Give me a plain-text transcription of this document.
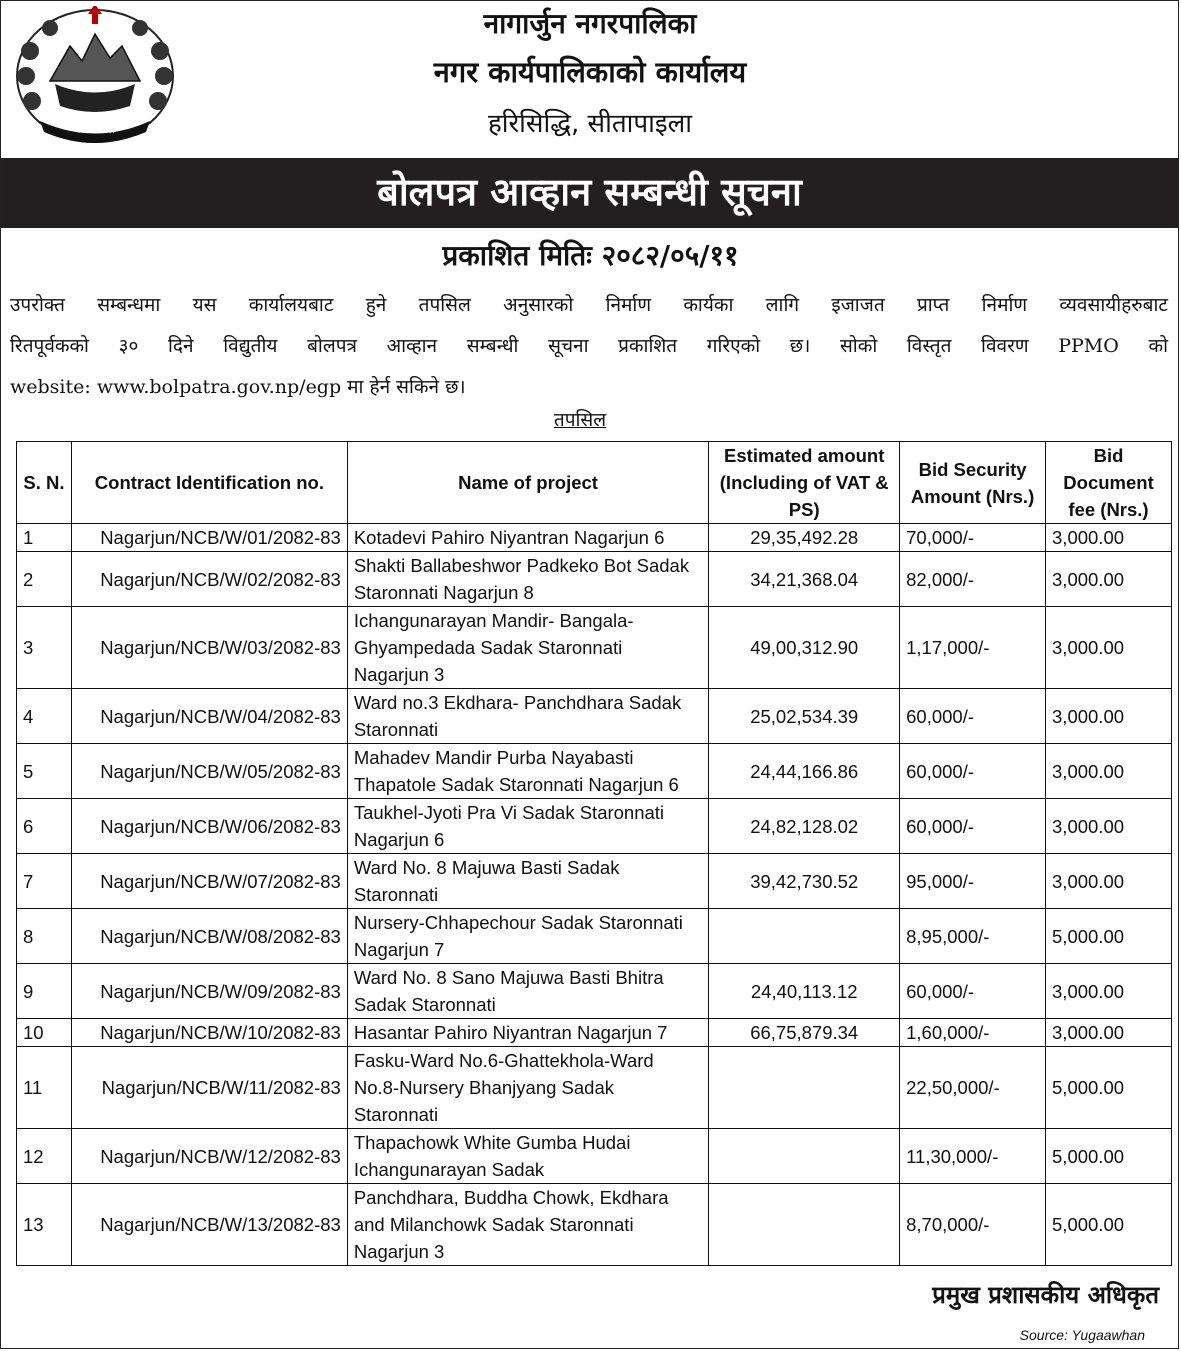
नेपाल सरकार
नागार्जुन नगरपालिका
नगर कार्यपालिकाको कार्यालय
हरिसिद्धि, सीतापाइला
बोलपत्र आव्हान सम्बन्धी सूचना
प्रकाशित मितिः २०८२/०५/११
उपरोक्त सम्बन्धमा यस कार्यालयबाट हुने तपसिल अनुसारको निर्माण कार्यका लागि इजाजत प्राप्त निर्माण व्यवसायीहरुबाट
रितपूर्वकको ३० दिने विद्युतीय बोलपत्र आव्हान सम्बन्धी सूचना प्रकाशित गरिएको छ। सोको विस्तृत विवरण PPMO को
website: www.bolpatra.gov.np/egp मा हेर्न सकिने छ।
तपसिल
S. N.	Contract Identification no.	Name of project	Estimated amount (Including of VAT & PS)	Bid Security Amount (Nrs.)	Bid Document fee (Nrs.)
1	Nagarjun/NCB/W/01/2082-83	Kotadevi Pahiro Niyantran Nagarjun 6	29,35,492.28	70,000/-	3,000.00
2	Nagarjun/NCB/W/02/2082-83	Shakti Ballabeshwor Padkeko Bot Sadak Staronnati Nagarjun 8	34,21,368.04	82,000/-	3,000.00
3	Nagarjun/NCB/W/03/2082-83	Ichangunarayan Mandir- Bangala-Ghyampedada Sadak Staronnati Nagarjun 3	49,00,312.90	1,17,000/-	3,000.00
4	Nagarjun/NCB/W/04/2082-83	Ward no.3 Ekdhara- Panchdhara Sadak Staronnati	25,02,534.39	60,000/-	3,000.00
5	Nagarjun/NCB/W/05/2082-83	Mahadev Mandir Purba Nayabasti Thapatole Sadak Staronnati Nagarjun 6	24,44,166.86	60,000/-	3,000.00
6	Nagarjun/NCB/W/06/2082-83	Taukhel-Jyoti Pra Vi Sadak Staronnati Nagarjun 6	24,82,128.02	60,000/-	3,000.00
7	Nagarjun/NCB/W/07/2082-83	Ward No. 8 Majuwa Basti Sadak Staronnati	39,42,730.52	95,000/-	3,000.00
8	Nagarjun/NCB/W/08/2082-83	Nursery-Chhapechour Sadak Staronnati Nagarjun 7		8,95,000/-	5,000.00
9	Nagarjun/NCB/W/09/2082-83	Ward No. 8 Sano Majuwa Basti Bhitra Sadak Staronnati	24,40,113.12	60,000/-	3,000.00
10	Nagarjun/NCB/W/10/2082-83	Hasantar Pahiro Niyantran Nagarjun 7	66,75,879.34	1,60,000/-	3,000.00
11	Nagarjun/NCB/W/11/2082-83	Fasku-Ward No.6-Ghattekhola-Ward No.8-Nursery Bhanjyang Sadak Staronnati		22,50,000/-	5,000.00
12	Nagarjun/NCB/W/12/2082-83	Thapachowk White Gumba Hudai Ichangunarayan Sadak		11,30,000/-	5,000.00
13	Nagarjun/NCB/W/13/2082-83	Panchdhara, Buddha Chowk, Ekdhara and Milanchowk Sadak Staronnati Nagarjun 3		8,70,000/-	5,000.00
प्रमुख प्रशासकीय अधिकृत
Source: Yugaawhan
